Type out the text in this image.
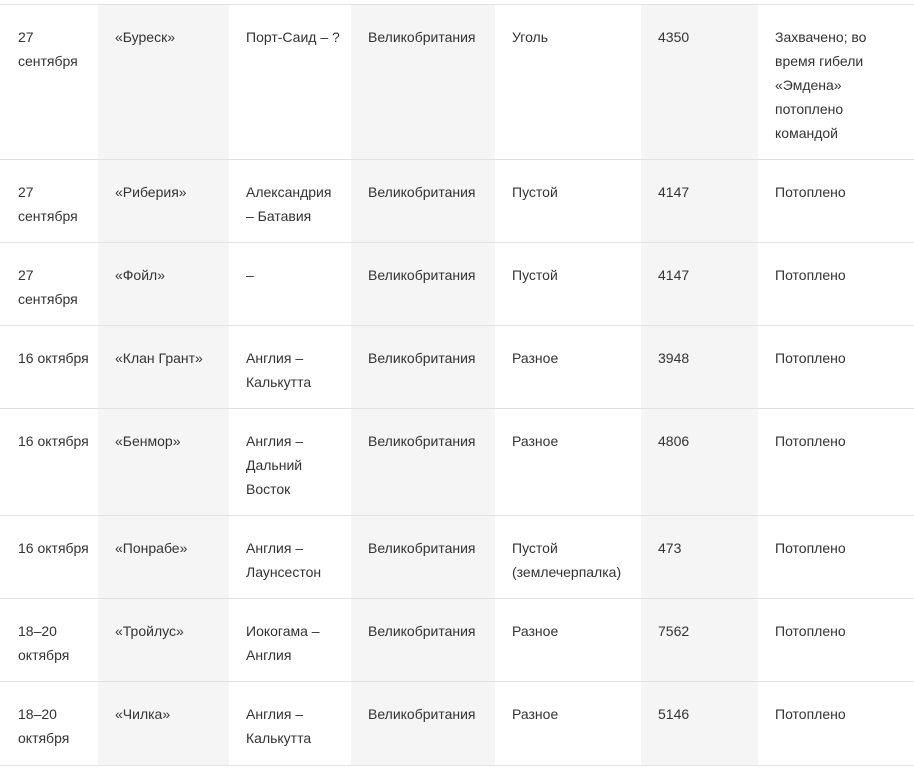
27 сентября	«Буреск»	Порт-Саид – ?	Великобритания	Уголь	4350	Захвачено; во время гибели «Эмдена» потоплено командой
27 сентября	«Риберия»	Александрия – Батавия	Великобритания	Пустой	4147	Потоплено
27 сентября	«Фойл»	–	Великобритания	Пустой	4147	Потоплено
16 октября	«Клан Грант»	Англия – Калькутта	Великобритания	Разное	3948	Потоплено
16 октября	«Бенмор»	Англия – Дальний Восток	Великобритания	Разное	4806	Потоплено
16 октября	«Понрабе»	Англия – Лаунсестон	Великобритания	Пустой (землечерпалка)	473	Потоплено
18–20 октября	«Тройлус»	Иокогама – Англия	Великобритания	Разное	7562	Потоплено
18–20 октября	«Чилка»	Англия – Калькутта	Великобритания	Разное	5146	Потоплено
